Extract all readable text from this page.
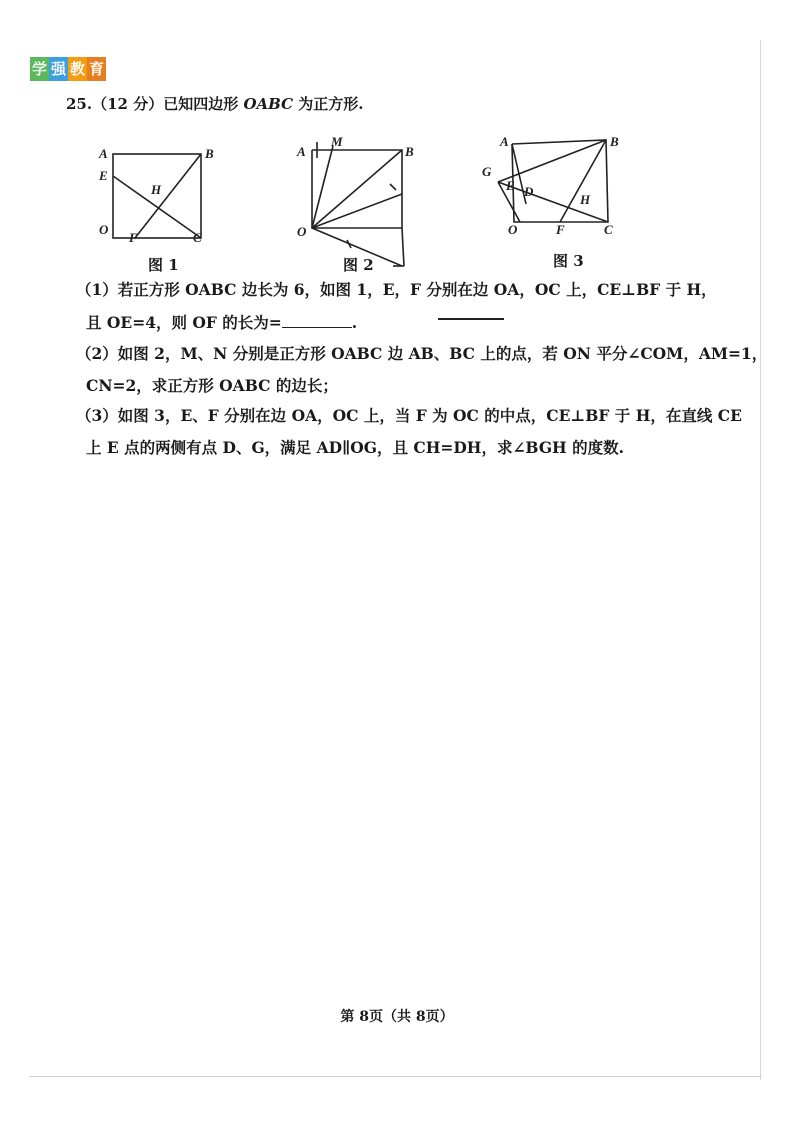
学 强 教 育
25.（12 分）已知四边形 OABC 为正方形.
A	B
E
H
O
F	C
图 1
A
M
B
O
图 2
A	B
G
E D
H
O	F	C
图 3
（1）若正方形 OABC 边长为 6，如图 1，E，F 分别在边 OA，OC 上，CE⊥BF 于 H，
且 OE=4，则 OF 的长为=	.
（2）如图 2，M、N 分别是正方形 OABC 边 AB、BC 上的点，若 ON 平分∠COM，AM=1，
CN=2，求正方形 OABC 的边长；
（3）如图 3，E、F 分别在边 OA，OC 上，当 F 为 OC 的中点，CE⊥BF 于 H，在直线 CE
上 E 点的两侧有点 D、G，满足 AD∥OG，且 CH=DH，求∠BGH 的度数.
第 8页（共 8页）
